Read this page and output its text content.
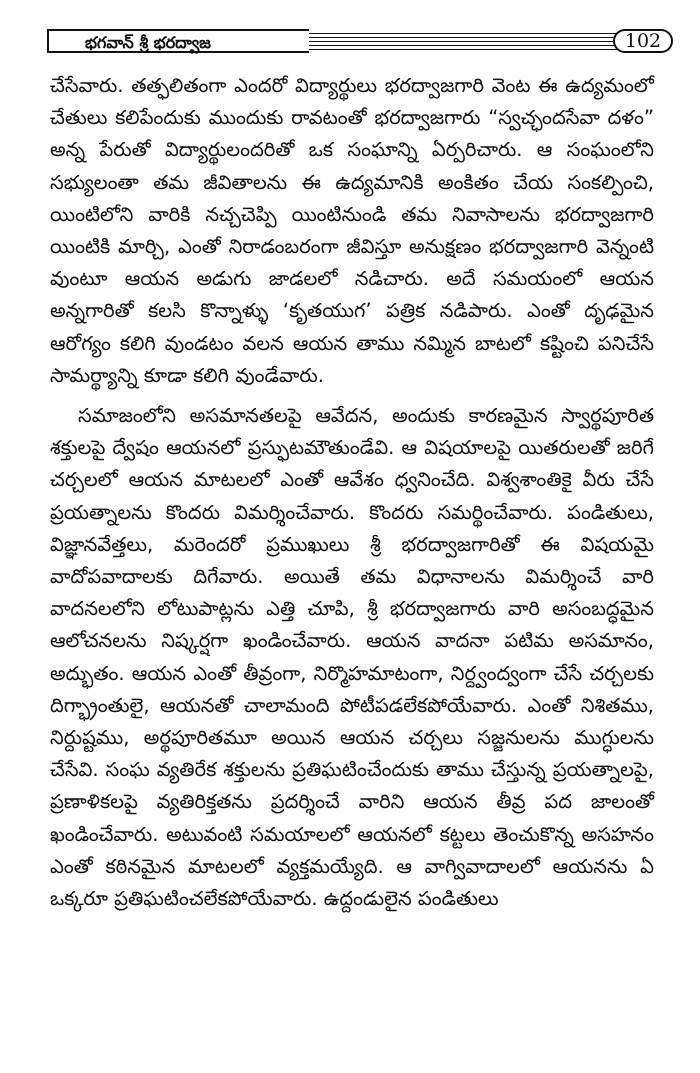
భగవాన్ శ్రీ భరద్వాజ	102

చేసేవారు. తత్ఫలితంగా ఎందరో విద్యార్థులు భరద్వాజగారి వెంట ఈ ఉద్యమంలో చేతులు కలిపేందుకు ముందుకు రావటంతో భరద్వాజగారు “స్వచ్ఛందసేవా దళం” అన్న పేరుతో విద్యార్థులందరితో ఒక సంఘాన్ని ఏర్పరిచారు. ఆ సంఘంలోని సభ్యులంతా తమ జీవితాలను ఈ ఉద్యమానికి అంకితం చేయ సంకల్పించి, యింటిలోని వారికి నచ్చచెప్పి యింటినుండి తమ నివాసాలను భరద్వాజగారి యింటికి మార్చి, ఎంతో నిరాడంబరంగా జీవిస్తూ అనుక్షణం భరద్వాజగారి వెన్నంటి వుంటూ ఆయన అడుగు జాడలలో నడిచారు. అదే సమయంలో ఆయన అన్నగారితో కలసి కొన్నాళ్ళు ‘కృతయుగ’ పత్రిక నడిపారు. ఎంతో దృఢమైన ఆరోగ్యం కలిగి వుండటం వలన ఆయన తాము నమ్మిన బాటలో కష్టించి పనిచేసే సామర్థ్యాన్ని కూడా కలిగి వుండేవారు.

సమాజంలోని అసమానతలపై ఆవేదన, అందుకు కారణమైన స్వార్థపూరిత శక్తులపై ద్వేషం ఆయనలో ప్రస్ఫుటమౌతుండేవి. ఆ విషయాలపై యితరులతో జరిగే చర్చలలో ఆయన మాటలలో ఎంతో ఆవేశం ధ్వనించేది. విశ్వశాంతికై వీరు చేసే ప్రయత్నాలను కొందరు విమర్శించేవారు. కొందరు సమర్థించేవారు. పండితులు, విజ్ఞానవేత్తలు, మరెందరో ప్రముఖులు శ్రీ భరద్వాజగారితో ఈ విషయమై వాదోపవాదాలకు దిగేవారు. అయితే తమ విధానాలను విమర్శించే వారి వాదనలలోని లోటుపాట్లను ఎత్తి చూపి, శ్రీ భరద్వాజగారు వారి అసంబద్ధమైన ఆలోచనలను నిష్కర్షగా ఖండించేవారు. ఆయన వాదనా పటిమ అసమానం, అద్భుతం. ఆయన ఎంతో తీవ్రంగా, నిర్మొహమాటంగా, నిర్ద్వంద్వంగా చేసే చర్చలకు దిగ్భ్రాంతులై, ఆయనతో చాలామంది పోటీపడలేకపోయేవారు. ఎంతో నిశితము, నిర్దుష్టము, అర్థపూరితమూ అయిన ఆయన చర్చలు సజ్జనులను ముగ్ధులను చేసేవి. సంఘ వ్యతిరేక శక్తులను ప్రతిఘటించేందుకు తాము చేస్తున్న ప్రయత్నాలపై, ప్రణాళికలపై వ్యతిరిక్తతను ప్రదర్శించే వారిని ఆయన తీవ్ర పద జాలంతో ఖండించేవారు. అటువంటి సమయాలలో ఆయనలో కట్టలు తెంచుకొన్న అసహనం ఎంతో కఠినమైన మాటలలో వ్యక్తమయ్యేది. ఆ వాగ్వివాదాలలో ఆయనను ఏ ఒక్కరూ ప్రతిఘటించలేకపోయేవారు. ఉద్దండులైన పండితులు
